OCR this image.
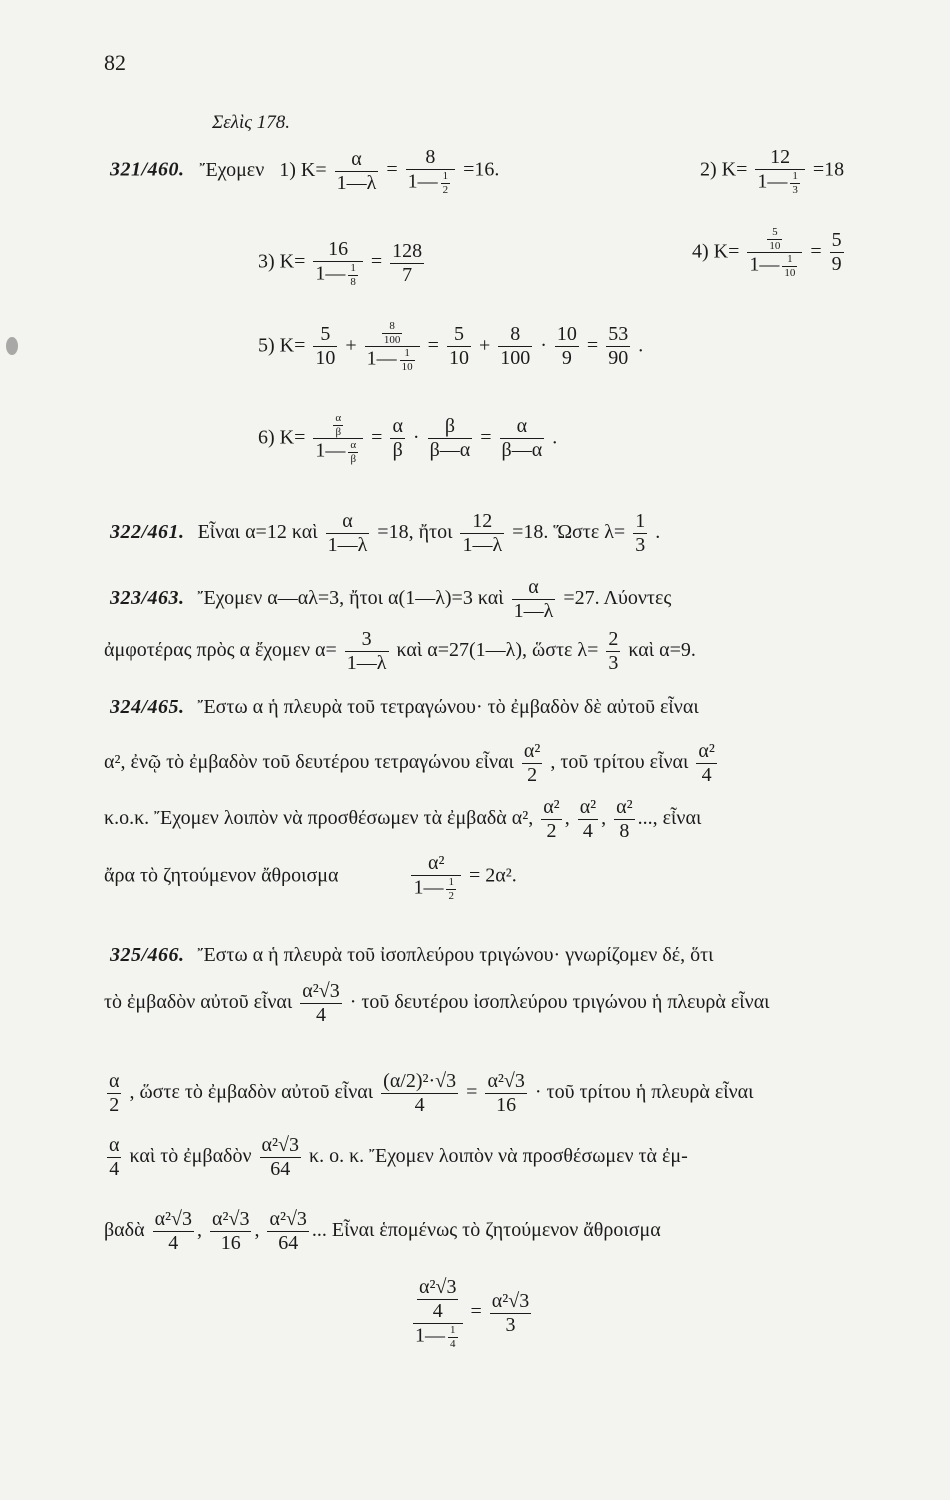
82
Σελὶς 178.
321/460. Ἔχομεν 1) $K= \frac{\alpha}{1—\lambda} = \frac{8}{1— \frac{1}{2}} =16$.	2) $K= \frac{12}{1— \frac{1}{3}} =18$
3) $K= \frac{16}{1— \frac{1}{8}} = \frac{128}{7}$	4) $K= \frac{\frac{5}{10}}{1— \frac{1}{10}} = \frac{5}{9}$
5) $K= \frac{5}{10} + \frac{\frac{8}{100}}{1— \frac{1}{10}} = \frac{5}{10} + \frac{8}{100} \cdot \frac{10}{9} = \frac{53}{90}$ .
6) $K= \frac{\frac{\alpha}{\beta}}{1— \frac{\alpha}{\beta}} = \frac{\alpha}{\beta} \cdot \frac{\beta}{\beta—\alpha} = \frac{\alpha}{\beta—\alpha}$ .
322/461. Εἶναι α=12 καὶ $\frac{\alpha}{1—\lambda} =18$, ἤτοι $\frac{12}{1—\lambda} =18$. Ὥστε $\lambda= \frac{1}{3}$ .
323/463. Ἔχομεν α—αλ=3, ἤτοι α(1—λ)=3 καὶ $\frac{\alpha}{1—\lambda} =27$. Λύοντες
ἀμφοτέρας πρὸς α ἔχομεν $\alpha= \frac{3}{1—\lambda}$ καὶ α=27(1—λ), ὥστε $\lambda= \frac{2}{3}$ καὶ α=9.
324/465. Ἔστω α ἡ πλευρὰ τοῦ τετραγώνου· τὸ ἐμβαδὸν δὲ αὐτοῦ εἶναι
α², ἐνῷ τὸ ἐμβαδὸν τοῦ δευτέρου τετραγώνου εἶναι $\frac{\text{α²}}{2}$ , τοῦ τρίτου εἶναι $\frac{\text{α²}}{4}$
κ.ο.κ. Ἔχομεν λοιπὸν νὰ προσθέσωμεν τὰ ἐμβαδὰ α², $\frac{\text{α²}}{2}$ , $\frac{\text{α²}}{4}$ , $\frac{\text{α²}}{8}$ ..., εἶναι
ἄρα τὸ ζητούμενον ἄθροισμα	$\frac{\text{α²}}{1— \frac{1}{2}} = 2\alpha^2$.
325/466. Ἔστω α ἡ πλευρὰ τοῦ ἰσοπλεύρου τριγώνου· γνωρίζομεν δέ, ὅτι
τὸ ἐμβαδὸν αὐτοῦ εἶναι $\frac{\text{α²√3}}{4}$ · τοῦ δευτέρου ἰσοπλεύρου τριγώνου ἡ πλευρὰ εἶναι
$\frac{\alpha}{2}$ , ὥστε τὸ ἐμβαδὸν αὐτοῦ εἶναι $\frac{\text{(α/2)²·√3}}{4} = \frac{\text{α²√3}}{16}$ · τοῦ τρίτου ἡ πλευρὰ εἶναι
$\frac{\alpha}{4}$ καὶ τὸ ἐμβαδὸν $\frac{\text{α²√3}}{64} \kappa$. ο. κ. Ἔχομεν λοιπὸν νὰ προσθέσωμεν τὰ ἐμ-
βαδὰ $\frac{\text{α²√3}}{4}$ , $\frac{\text{α²√3}}{16}$ , $\frac{\text{α²√3}}{64}$ ... Εἶναι ἑπομένως τὸ ζητούμενον ἄθροισμα
$\frac{\frac{\text{α²√3}}{4}}{1— \frac{1}{4}} = \frac{\text{α²√3}}{3}$
